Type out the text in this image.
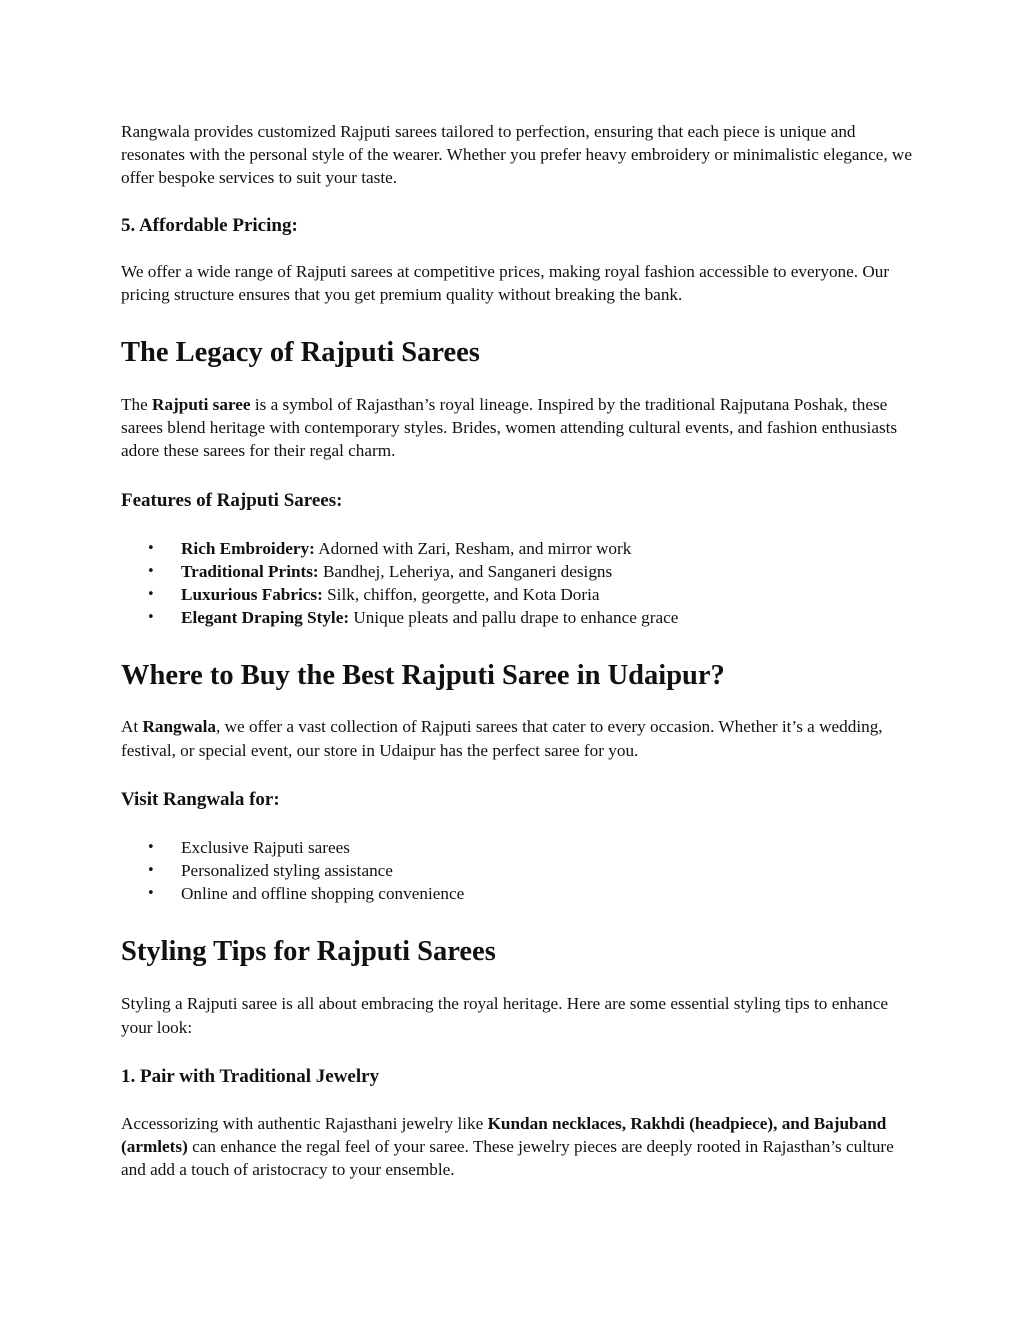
Rangwala provides customized Rajputi sarees tailored to perfection, ensuring that each piece is unique and resonates with the personal style of the wearer. Whether you prefer heavy embroidery or minimalistic elegance, we offer bespoke services to suit your taste.

5. Affordable Pricing:

We offer a wide range of Rajputi sarees at competitive prices, making royal fashion accessible to everyone. Our pricing structure ensures that you get premium quality without breaking the bank.

The Legacy of Rajputi Sarees

The Rajputi saree is a symbol of Rajasthan’s royal lineage. Inspired by the traditional Rajputana Poshak, these sarees blend heritage with contemporary styles. Brides, women attending cultural events, and fashion enthusiasts adore these sarees for their regal charm.

Features of Rajputi Sarees:
• Rich Embroidery: Adorned with Zari, Resham, and mirror work
• Traditional Prints: Bandhej, Leheriya, and Sanganeri designs
• Luxurious Fabrics: Silk, chiffon, georgette, and Kota Doria
• Elegant Draping Style: Unique pleats and pallu drape to enhance grace
Where to Buy the Best Rajputi Saree in Udaipur?

At Rangwala, we offer a vast collection of Rajputi sarees that cater to every occasion. Whether it’s a wedding, festival, or special event, our store in Udaipur has the perfect saree for you.

Visit Rangwala for:
• Exclusive Rajputi sarees
• Personalized styling assistance
• Online and offline shopping convenience
Styling Tips for Rajputi Sarees

Styling a Rajputi saree is all about embracing the royal heritage. Here are some essential styling tips to enhance your look:

1. Pair with Traditional Jewelry

Accessorizing with authentic Rajasthani jewelry like Kundan necklaces, Rakhdi (headpiece), and Bajuband (armlets) can enhance the regal feel of your saree. These jewelry pieces are deeply rooted in Rajasthan’s culture and add a touch of aristocracy to your ensemble.
